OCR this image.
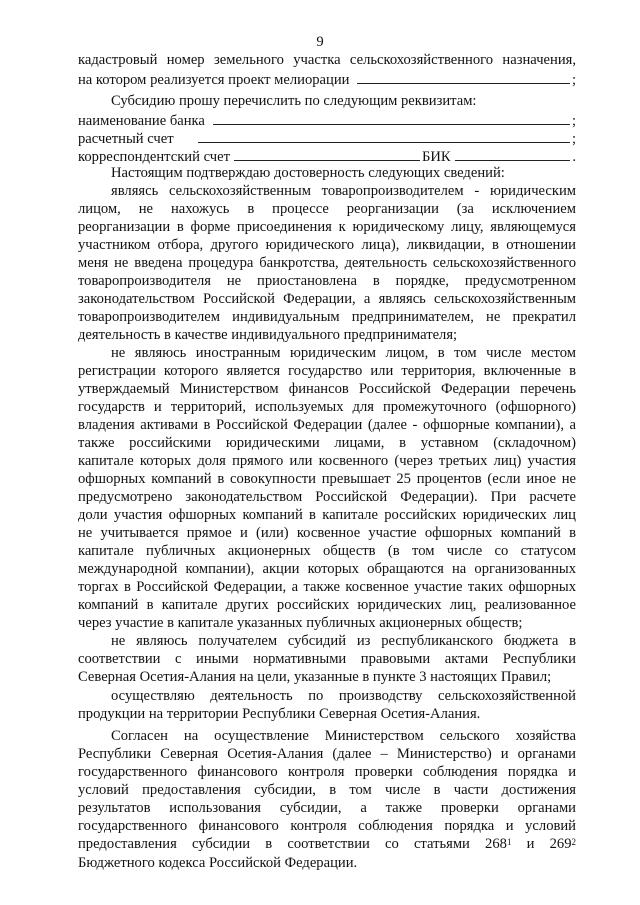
9
кадастровый номер земельного участка сельскохозяйственного назначения,
на котором реализуется проект мелиорации	;
Субсидию прошу перечислить по следующим реквизитам:
наименование банка	;
расчетный счет	;
корреспондентский счет	БИК	.
Настоящим подтверждаю достоверность следующих сведений:
являясь сельскохозяйственным товаропроизводителем - юридическим
лицом, не нахожусь в процессе реорганизации (за исключением
реорганизации в форме присоединения к юридическому лицу, являющемуся
участником отбора, другого юридического лица), ликвидации, в отношении
меня не введена процедура банкротства, деятельность сельскохозяйственного
товаропроизводителя не приостановлена в порядке, предусмотренном
законодательством Российской Федерации, а являясь сельскохозяйственным
товаропроизводителем индивидуальным предпринимателем, не прекратил
деятельность в качестве индивидуального предпринимателя;
не являюсь иностранным юридическим лицом, в том числе местом
регистрации которого является государство или территория, включенные в
утверждаемый Министерством финансов Российской Федерации перечень
государств и территорий, используемых для промежуточного (офшорного)
владения активами в Российской Федерации (далее - офшорные компании), а
также российскими юридическими лицами, в уставном (складочном)
капитале которых доля прямого или косвенного (через третьих лиц) участия
офшорных компаний в совокупности превышает 25 процентов (если иное не
предусмотрено законодательством Российской Федерации). При расчете
доли участия офшорных компаний в капитале российских юридических лиц
не учитывается прямое и (или) косвенное участие офшорных компаний в
капитале публичных акционерных обществ (в том числе со статусом
международной компании), акции которых обращаются на организованных
торгах в Российской Федерации, а также косвенное участие таких офшорных
компаний в капитале других российских юридических лиц, реализованное
через участие в капитале указанных публичных акционерных обществ;
не являюсь получателем субсидий из республиканского бюджета в
соответствии с иными нормативными правовыми актами Республики
Северная Осетия-Алания на цели, указанные в пункте 3 настоящих Правил;
осуществляю деятельность по производству сельскохозяйственной
продукции на территории Республики Северная Осетия-Алания.
Согласен на осуществление Министерством сельского хозяйства
Республики Северная Осетия-Алания (далее – Министерство) и органами
государственного финансового контроля проверки соблюдения порядка и
условий предоставления субсидии, в том числе в части достижения
результатов использования субсидии, а также проверки органами
государственного финансового контроля соблюдения порядка и условий
предоставления субсидии в соответствии со статьями $268^1$ и $269^2$
Бюджетного кодекса Российской Федерации.
